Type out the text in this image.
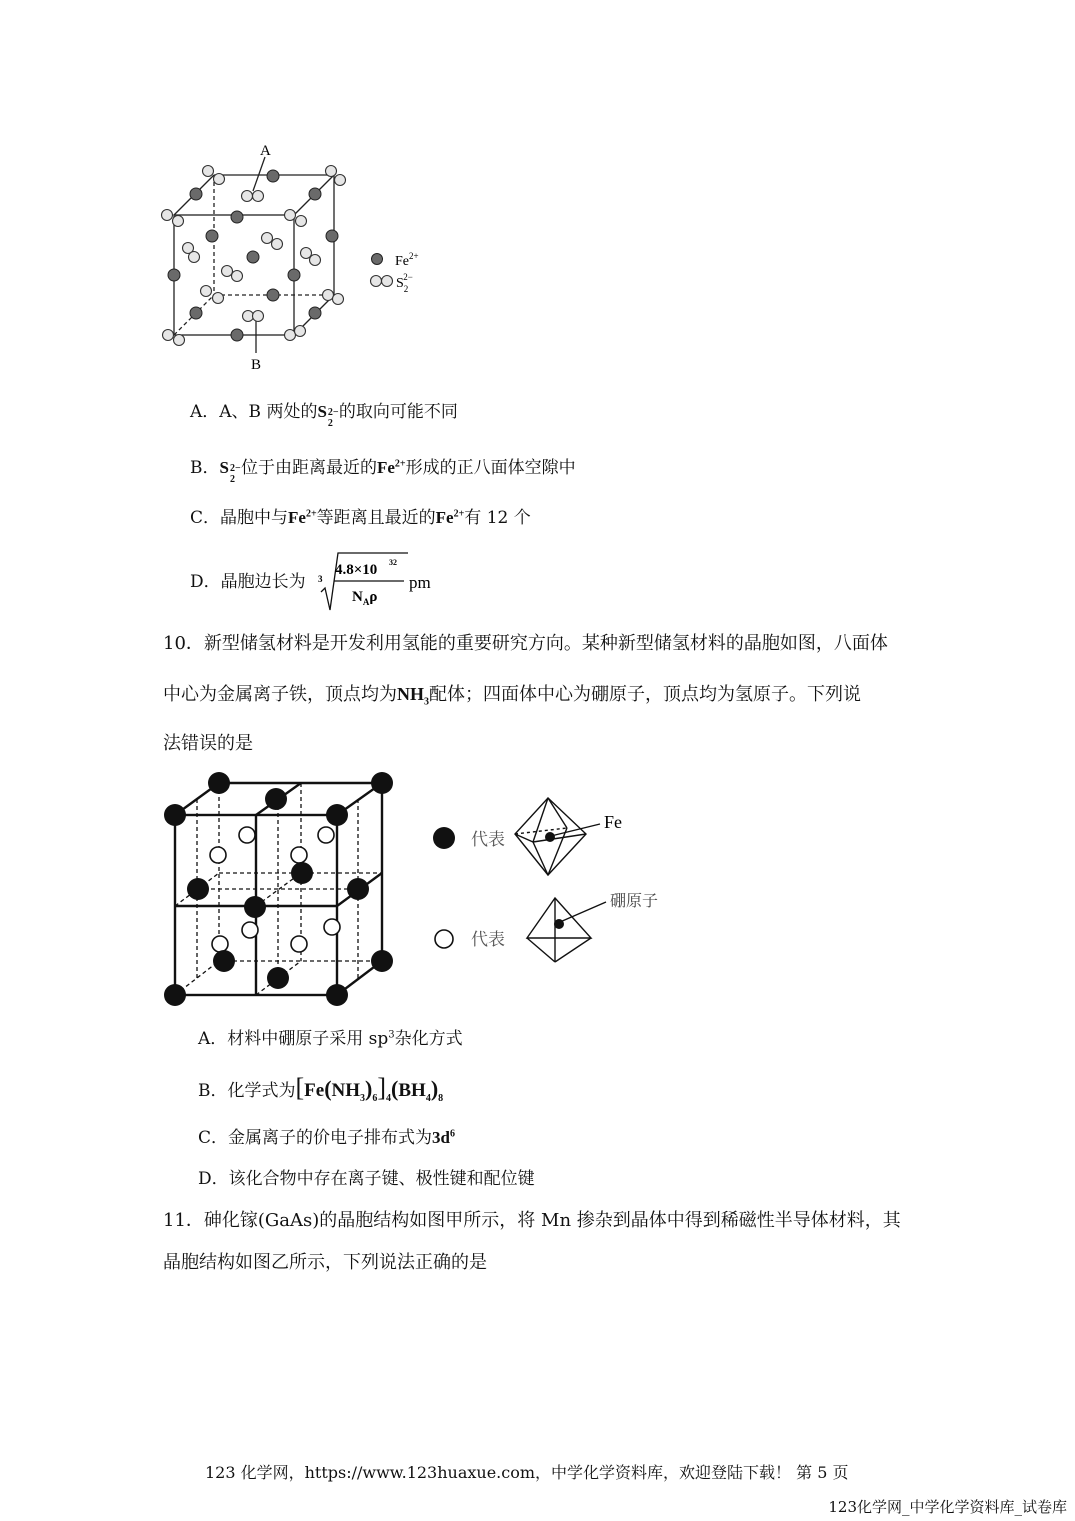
A
B
$Fe^{2+}$
$S_22-$
A．A、B 两处的S 2−
2
的取向可能不同
B．S 2−
2
位于由距离最近的$Fe^{2+}$形成的正八面体空隙中
C．晶胞中与$Fe^{2+}$等距离且最近的$Fe^{2+}$有 12 个
D．晶胞边长为 3
4.8×10 32
$N_A\rho$
pm
10．新型储氢材料是开发利用氢能的重要研究方向。某种新型储氢材料的晶胞如图，八面体
中心为金属离子铁，顶点均为$NH_3$配体；四面体中心为硼原子，顶点均为氢原子。下列说
法错误的是
代表
Fe
代表
硼原子
A．材料中硼原子采用 $sp^3$杂化方式
B．化学式为$[Fe(NH_3)_6]_4(BH_4)_8$
C．金属离子的价电子排布式为$3d^6$
D．该化合物中存在离子键、极性键和配位键
11．砷化镓(GaAs)的晶胞结构如图甲所示，将 Mn 掺杂到晶体中得到稀磁性半导体材料，其
晶胞结构如图乙所示，下列说法正确的是
123 化学网，https://www.123huaxue.com，中学化学资料库，欢迎登陆下载！ 第 5 页
123化学网_中学化学资料库_试卷库
